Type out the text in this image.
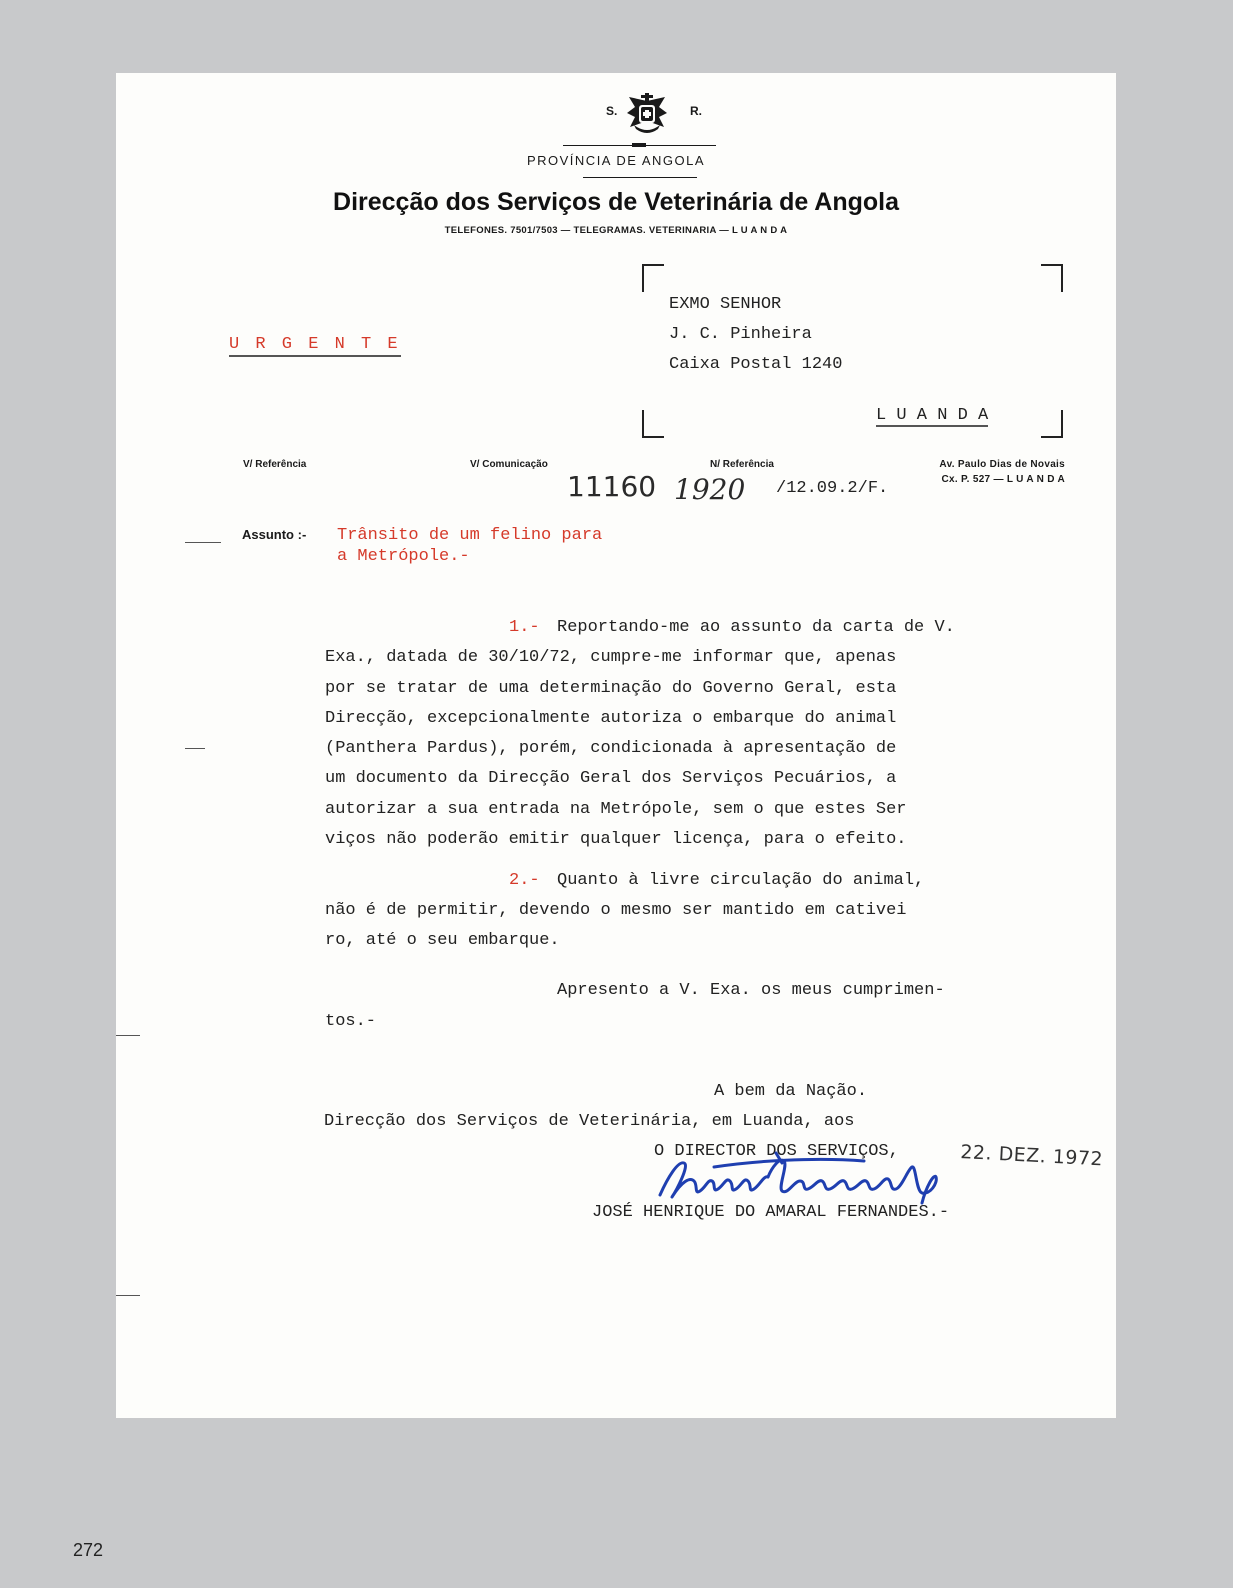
272
S.	R.
PROVÍNCIA DE ANGOLA
Direcção dos Serviços de Veterinária de Angola
TELEFONES. 7501/7503 — TELEGRAMAS. VETERINARIA — L U A N D A
U R G E N T E
EXMO SENHOR
J. C. Pinheira
Caixa Postal 1240
L U A N D A
V/ Referência	V/ Comunicação	N/ Referência	Av. Paulo Dias de Novais
Cx. P. 527 — L U A N D A
11160 1920 /12.09.2/F.
Assunto :- Trânsito de um felino para
a Metrópole.-
1.- Reportando-me ao assunto da carta de V.
Exa., datada de 30/10/72, cumpre-me informar que, apenas
por se tratar de uma determinação do Governo Geral, esta
Direcção, excepcionalmente autoriza o embarque do animal
(Panthera Pardus), porém, condicionada à apresentação de
um documento da Direcção Geral dos Serviços Pecuários, a
autorizar a sua entrada na Metrópole, sem o que estes Ser
viços não poderão emitir qualquer licença, para o efeito.
2.- Quanto à livre circulação do animal,
não é de permitir, devendo o mesmo ser mantido em cativei
ro, até o seu embarque.
Apresento a V. Exa. os meus cumprimen-
tos.-
A bem da Nação.
Direcção dos Serviços de Veterinária, em Luanda, aos
O DIRECTOR DOS SERVIÇOS,	22. DEZ. 1972
JOSÉ HENRIQUE DO AMARAL FERNANDES.-
